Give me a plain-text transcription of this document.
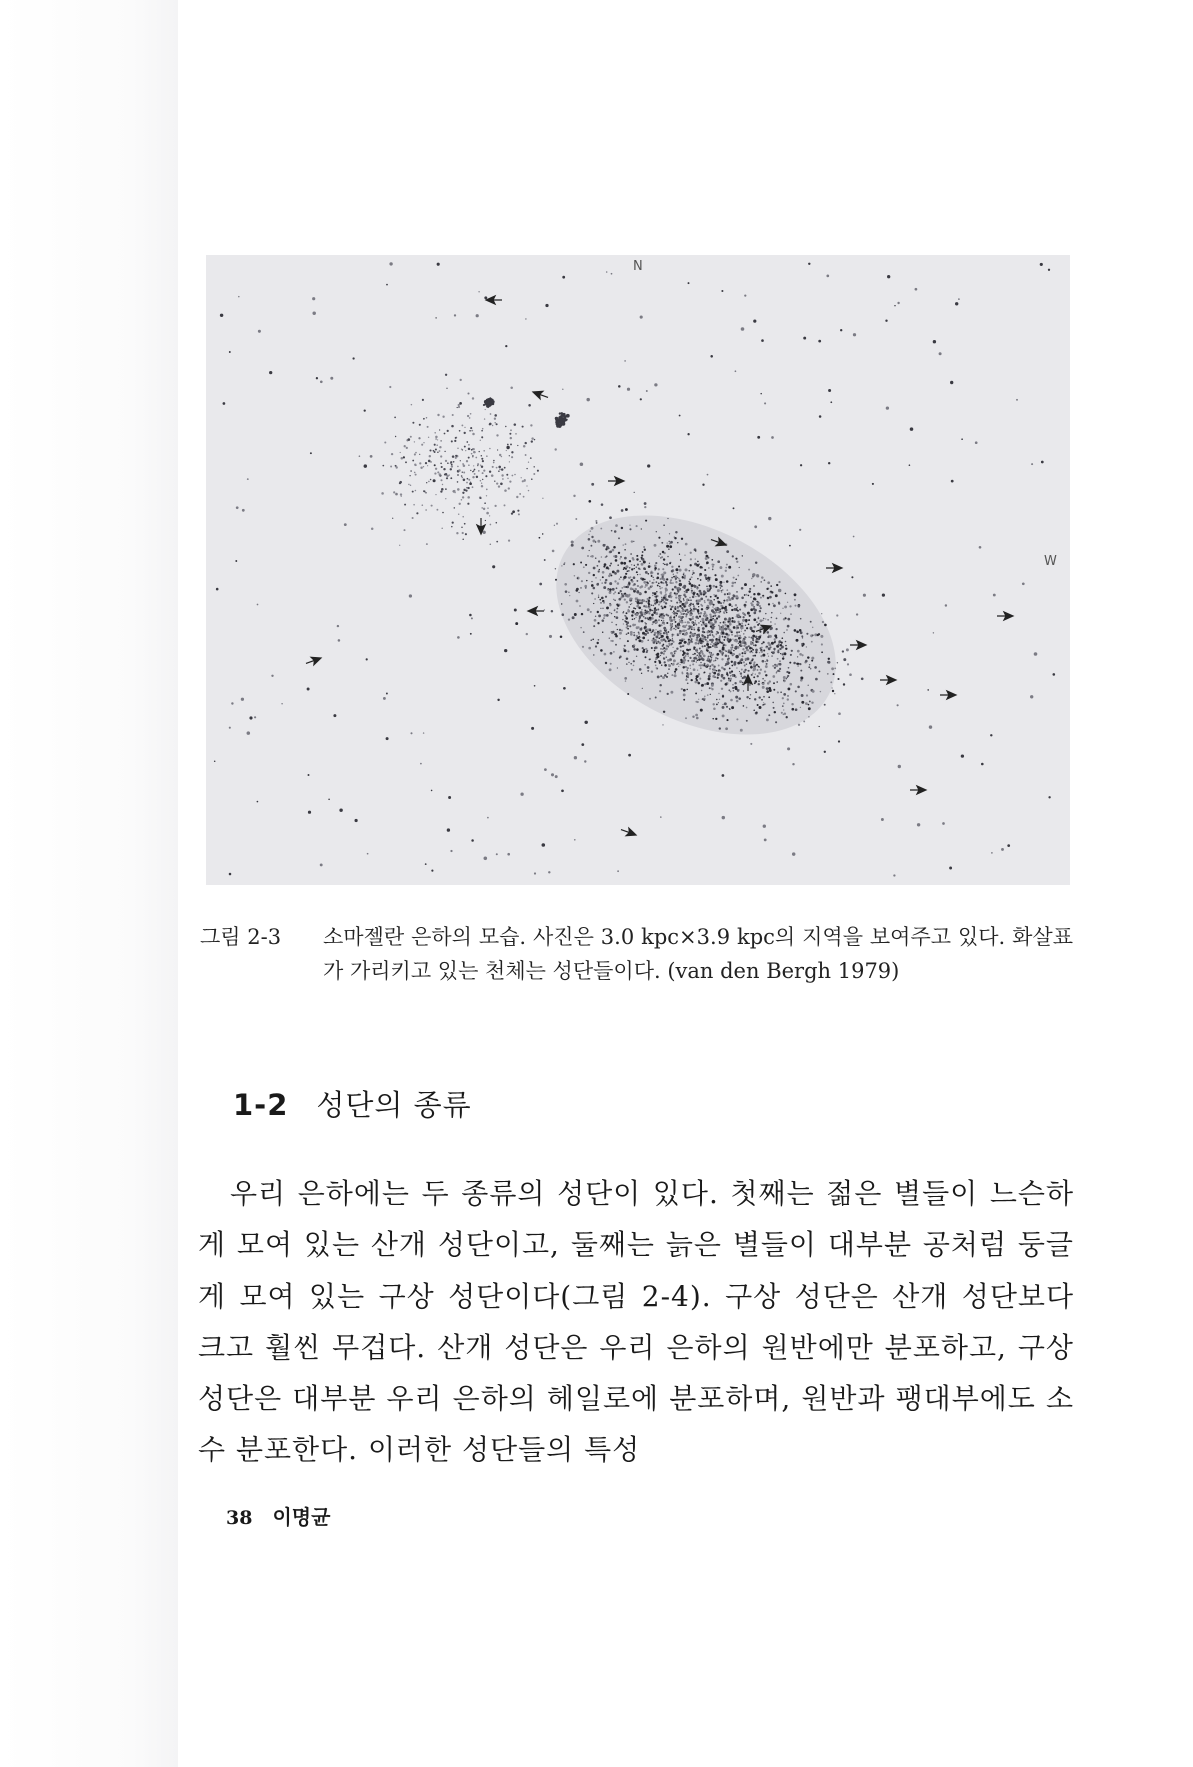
N
W
그림 2-3 소마젤란 은하의 모습. 사진은 3.0 kpc×3.9 kpc의 지역을 보여주고 있다. 화살표가 가리키고 있는 천체는 성단들이다. (van den Bergh 1979)
1-2 성단의 종류
우리 은하에는 두 종류의 성단이 있다. 첫째는 젊은 별들이 느슨하게 모여 있는 산개 성단이고, 둘째는 늙은 별들이 대부분 공처럼 둥글게 모여 있는 구상 성단이다(그림 2-4). 구상 성단은 산개 성단보다 크고 훨씬 무겁다. 산개 성단은 우리 은하의 원반에만 분포하고, 구상 성단은 대부분 우리 은하의 헤일로에 분포하며, 원반과 팽대부에도 소수 분포한다. 이러한 성단들의 특성
38 이명균
